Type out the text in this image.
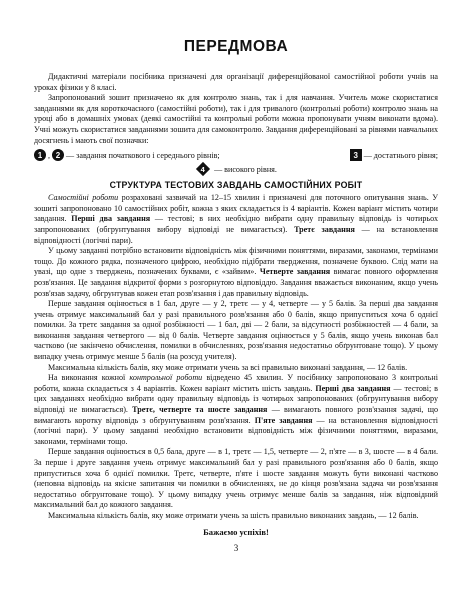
ПЕРЕДМОВА

Дидактичні матеріали посібника призначені для організації диференційованої самостійної роботи учнів на уроках фізики у 8 класі.

Запропонований зошит призначено як для контролю знань, так і для навчання. Учитель може скористатися завданнями як для короткочасного (самостійні роботи), так і для тривалого (контрольні роботи) контролю знань на уроці або в домашніх умовах (деякі самостійні та контрольні роботи можна пропонувати учням виконати вдома). Учні можуть скористатися завданнями зошита для самоконтролю. Завдання диференційовані за рівнями навчальних досягнень і мають свої позначки:

1 , 2 — завдання початкового і середнього рівнів;	3 — достатнього рівня;
4 — високого рівня.
СТРУКТУРА ТЕСТОВИХ ЗАВДАНЬ САМОСТІЙНИХ РОБІТ

Самостійні роботи розраховані зазвичай на 12–15 хвилин і призначені для поточного опитування знань. У зошиті запропоновано 10 самостійних робіт, кожна з яких складається із 4 варіантів. Кожен варіант містить чотири завдання. Перші два завдання — тестові; в них необхідно вибрати одну правильну відповідь із чотирьох запропонованих (обгрунтування вибору відповіді не вимагається). Третє завдання — на встановлення відповідності (логічні пари).

У цьому завданні потрібно встановити відповідність між фізичними поняттями, виразами, законами, термінами тощо. До кожного рядка, позначеного цифрою, необхідно підібрати твердження, позначене буквою. Слід мати на увазі, що одне з тверджень, позначених буквами, є «зайвим». Четверте завдання вимагає повного оформлення розв'язання. Це завдання відкритої форми з розгорнутою відповіддю. Завдання вважається виконаним, якщо учень розв'язав задачу, обгрунтував кожен етап розв'язання і дав правильну відповідь.

Перше завдання оцінюється в 1 бал, друге — у 2, третє — у 4, четверте — у 5 балів. За перші два завдання учень отримує максимальний бал у разі правильного розв'язання або 0 балів, якщо припуститься хоча б однієї помилки. За третє завдання за одної розбіжності — 1 бал, дві — 2 бали, за відсутності розбіжностей — 4 бали, за виконання завдання четвертого — від 0 балів. Четверте завдання оцінюється у 5 балів, якщо учень виконав бал частково (не закінчено обчислення, помилки в обчисленнях, розв'язання недостатньо обґрунтоване тощо). У цьому випадку учень отримує менше 5 балів (на розсуд учителя).

Максимальна кількість балів, яку може отримати учень за всі правильно виконані завдання, — 12 балів.

На виконання кожної контрольної роботи відведено 45 хвилин. У посібнику запропоновано 3 контрольні роботи, кожна складається з 4 варіантів. Кожен варіант містить шість завдань. Перші два завдання — тестові; в цих завданнях необхідно вибрати одну правильну відповідь із чотирьох запропонованих (обгрунтування вибору відповіді не вимагається). Третє, четверте та шосте завдання — вимагають повного розв'язання задачі, що вимагають коротку відповідь з обґрунтуванням розв'язання. П'яте завдання — на встановлення відповідності (логічні пари). У цьому завданні необхідно встановити відповідність між фізичними поняттями, виразами, законами, термінами тощо.

Перше завдання оцінюється в 0,5 бала, друге — в 1, третє — 1,5, четверте — 2, п'яте — в 3, шосте — в 4 бали. За перше і друге завдання учень отримує максимальний бал у разі правильного розв'язання або 0 балів, якщо припуститься хоча б однієї помилки. Третє, четверте, п'яте і шосте завдання можуть бути виконані частково (неповна відповідь на якісне запитання чи помилки в обчисленнях, не до кінця розв'язана задача чи розв'язання недостатньо обгрунтоване тощо). У цьому випадку учень отримує менше балів за завдання, ніж відповідний максимальний бал до кожного завдання.

Максимальна кількість балів, яку може отримати учень за шість правильно виконаних завдань, — 12 балів.

Бажаємо успіхів!
3
